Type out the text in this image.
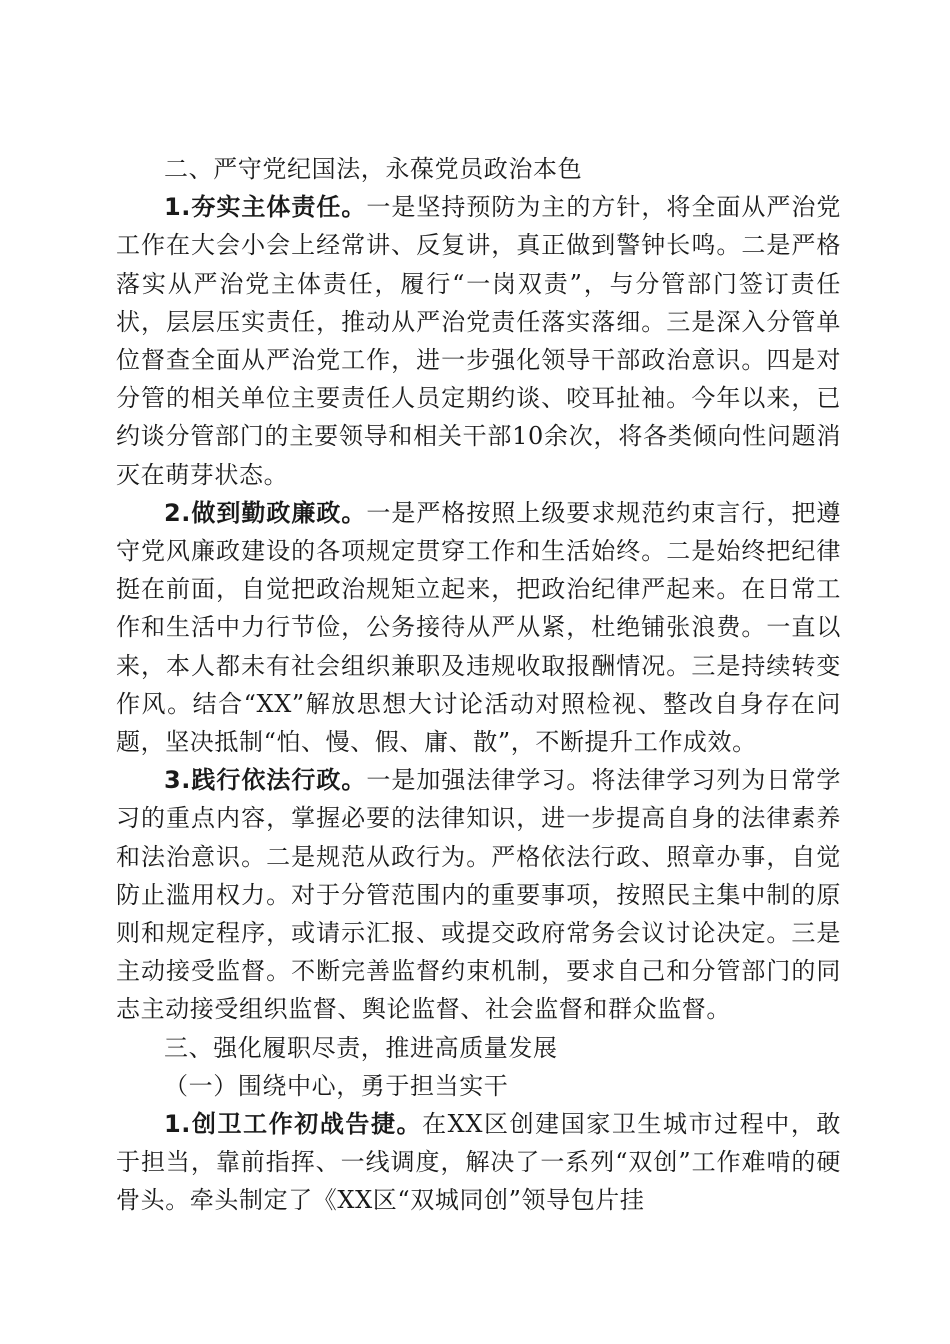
二、严守党纪国法，永葆党员政治本色

1.夯实主体责任。一是坚持预防为主的方针，将全面从严治党工作在大会小会上经常讲、反复讲，真正做到警钟长鸣。二是严格落实从严治党主体责任，履行“一岗双责”，与分管部门签订责任状，层层压实责任，推动从严治党责任落实落细。三是深入分管单位督查全面从严治党工作，进一步强化领导干部政治意识。四是对分管的相关单位主要责任人员定期约谈、咬耳扯袖。今年以来，已约谈分管部门的主要领导和相关干部10余次，将各类倾向性问题消灭在萌芽状态。

2.做到勤政廉政。一是严格按照上级要求规范约束言行，把遵守党风廉政建设的各项规定贯穿工作和生活始终。二是始终把纪律挺在前面，自觉把政治规矩立起来，把政治纪律严起来。在日常工作和生活中力行节俭，公务接待从严从紧，杜绝铺张浪费。一直以来，本人都未有社会组织兼职及违规收取报酬情况。三是持续转变作风。结合“XX”解放思想大讨论活动对照检视、整改自身存在问题，坚决抵制“怕、慢、假、庸、散”，不断提升工作成效。

3.践行依法行政。一是加强法律学习。将法律学习列为日常学习的重点内容，掌握必要的法律知识，进一步提高自身的法律素养和法治意识。二是规范从政行为。严格依法行政、照章办事，自觉防止滥用权力。对于分管范围内的重要事项，按照民主集中制的原则和规定程序，或请示汇报、或提交政府常务会议讨论决定。三是主动接受监督。不断完善监督约束机制，要求自己和分管部门的同志主动接受组织监督、舆论监督、社会监督和群众监督。

三、强化履职尽责，推进高质量发展

（一）围绕中心，勇于担当实干

1.创卫工作初战告捷。在XX区创建国家卫生城市过程中，敢于担当，靠前指挥、一线调度，解决了一系列“双创”工作难啃的硬骨头。牵头制定了《XX区“双城同创”领导包片挂
